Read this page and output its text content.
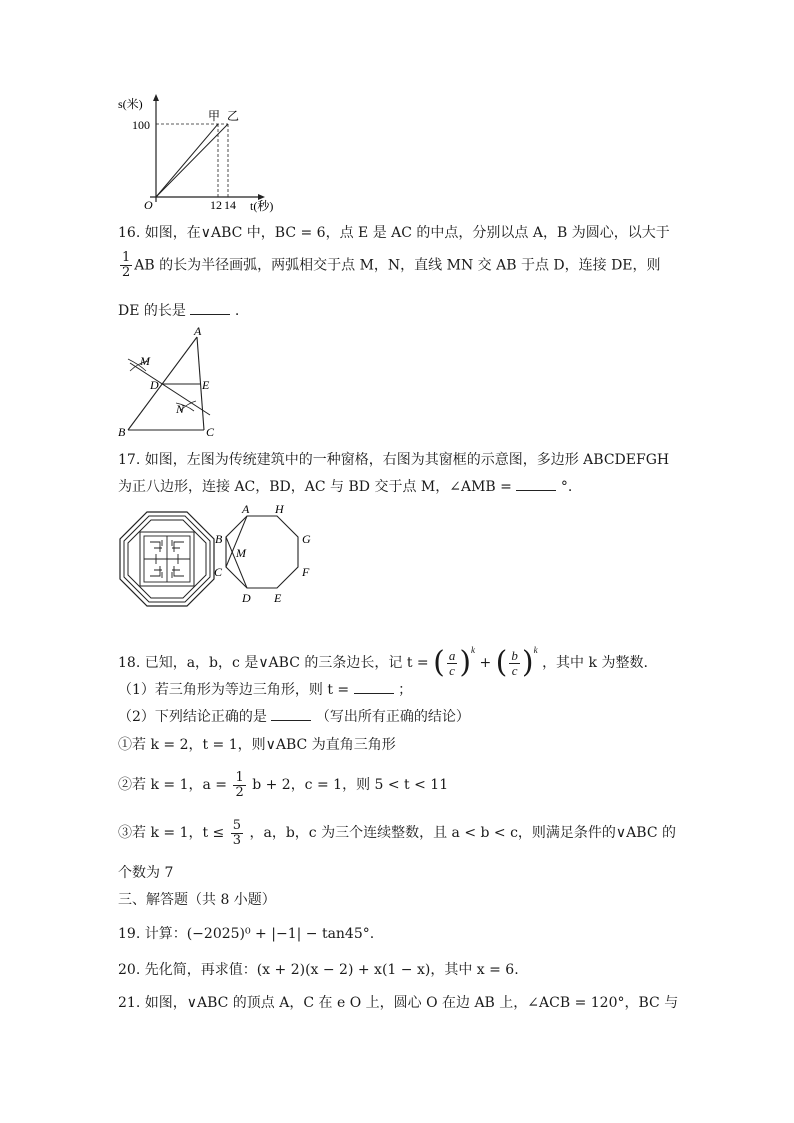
s(米)
100
O	12 14 t(秒)
甲 乙
16. 如图，在∨ABC 中，BC = 6，点 E 是 AC 的中点，分别以点 A，B 为圆心，以大于
$\frac{1}{2}$ AB 的长为半径画弧，两弧相交于点 M，N，直线 MN 交 AB 于点 D，连接 DE，则
DE 的长是	.
A
M
D	E
N
B	C
17. 如图，左图为传统建筑中的一种窗格，右图为其窗框的示意图，多边形 ABCDEFGH
为正八边形，连接 AC，BD，AC 与 BD 交于点 M，∠AMB =	°.
A H
B	G
M
C	F
D E
18. 已知，a，b，c 是∨ABC 的三条边长，记 t = ( $\frac{a}{c} )^k$ + ( $\frac{b}{c} )^k$ ，其中 k 为整数.
（1）若三角形为等边三角形，则 t =	；
（2）下列结论正确的是	（写出所有正确的结论）
①若 k = 2，t = 1，则∨ABC 为直角三角形
②若 k = 1，$a = \frac{1}{2}$ b + 2，c = 1，则 5 < t < 11
③若 k = 1，$t \le \frac{5}{3}$ ，a，b，c 为三个连续整数，且 a < b < c，则满足条件的∨ABC 的
个数为 7
三、解答题（共 8 小题）
19. 计算：(−2025)⁰ + |−1| − tan45°.
20. 先化简，再求值：(x + 2)(x − 2) + x(1 − x)，其中 x = 6.
21. 如图，∨ABC 的顶点 A，C 在 e O 上，圆心 O 在边 AB 上，∠ACB = 120°，BC 与
